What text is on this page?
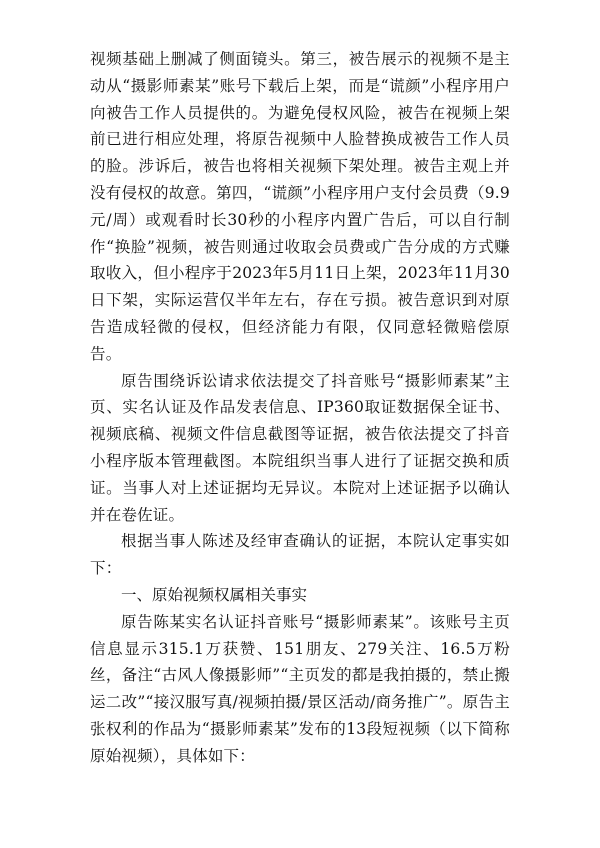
视频基础上删减了侧面镜头。第三，被告展示的视频不是主动从“摄影师素某”账号下载后上架，而是“谎颜”小程序用户向被告工作人员提供的。为避免侵权风险，被告在视频上架前已进行相应处理，将原告视频中人脸替换成被告工作人员的脸。涉诉后，被告也将相关视频下架处理。被告主观上并没有侵权的故意。第四，“谎颜”小程序用户支付会员费（9.9元/周）或观看时长30秒的小程序内置广告后，可以自行制作“换脸”视频，被告则通过收取会员费或广告分成的方式赚取收入，但小程序于2023年5月11日上架，2023年11月30日下架，实际运营仅半年左右，存在亏损。被告意识到对原告造成轻微的侵权，但经济能力有限，仅同意轻微赔偿原告。

原告围绕诉讼请求依法提交了抖音账号“摄影师素某”主页、实名认证及作品发表信息、IP360取证数据保全证书、视频底稿、视频文件信息截图等证据，被告依法提交了抖音小程序版本管理截图。本院组织当事人进行了证据交换和质证。当事人对上述证据均无异议。本院对上述证据予以确认并在卷佐证。

根据当事人陈述及经审查确认的证据，本院认定事实如下：

一、原始视频权属相关事实

原告陈某实名认证抖音账号“摄影师素某”。该账号主页信息显示315.1万获赞、151朋友、279关注、16.5万粉丝，备注“古风人像摄影师”“主页发的都是我拍摄的，禁止搬运二改”“接汉服写真/视频拍摄/景区活动/商务推广”。原告主张权利的作品为“摄影师素某”发布的13段短视频（以下简称原始视频），具体如下：
